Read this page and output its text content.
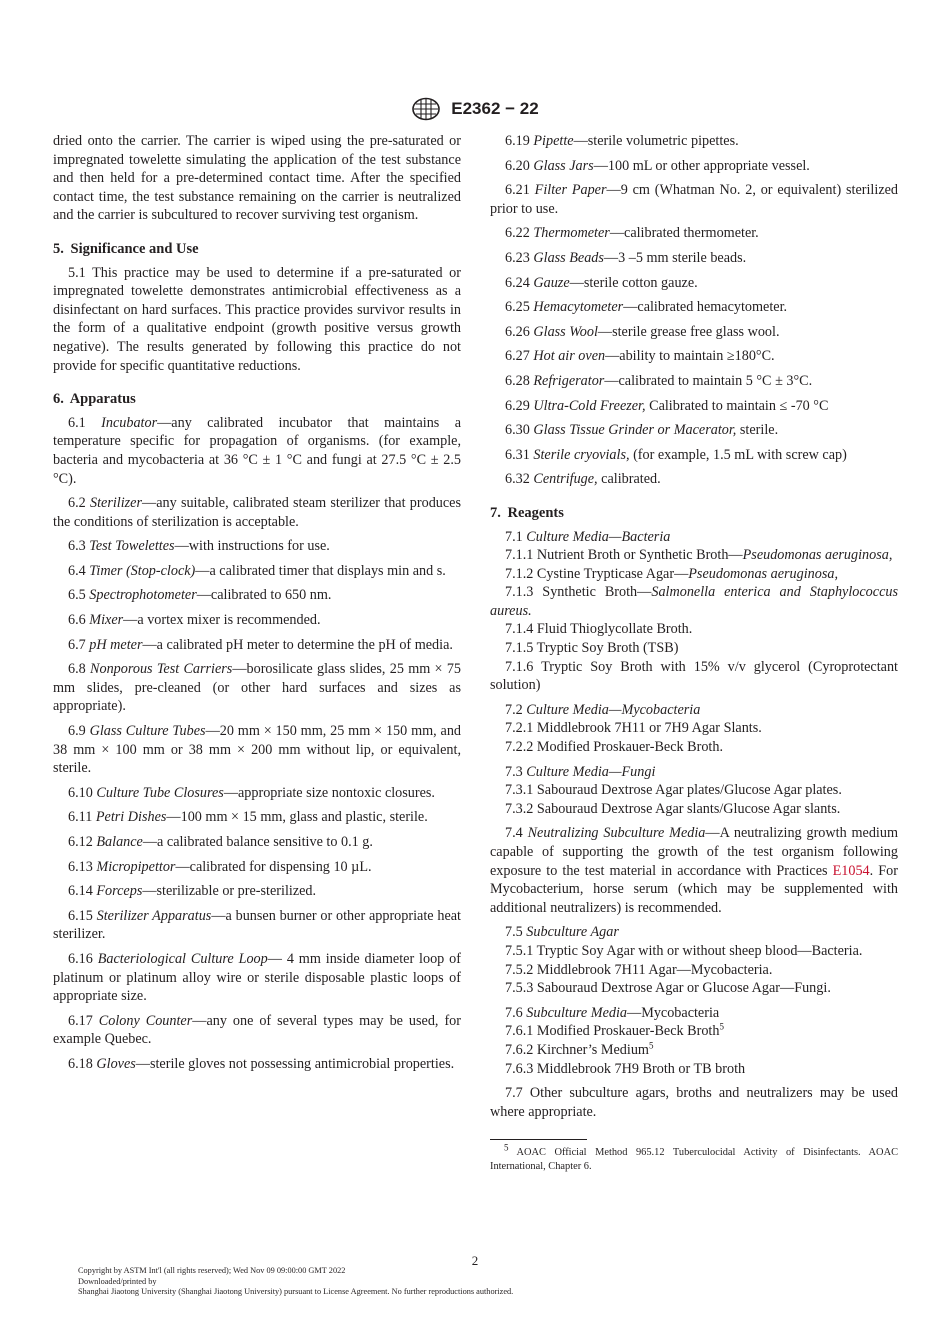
E2362 − 22

dried onto the carrier. The carrier is wiped using the pre-saturated or impregnated towelette simulating the application of the test substance and then held for a pre-determined contact time. After the specified contact time, the test substance remaining on the carrier is neutralized and the carrier is subcultured to recover surviving test organism.

5. Significance and Use

5.1 This practice may be used to determine if a pre-saturated or impregnated towelette demonstrates antimicrobial effectiveness as a disinfectant on hard surfaces. This practice provides survivor results in the form of a qualitative endpoint (growth positive versus growth negative). The results generated by following this practice do not provide for specific quantitative reductions.

6. Apparatus

6.1 Incubator—any calibrated incubator that maintains a temperature specific for propagation of organisms. (for example, bacteria and mycobacteria at 36 °C ± 1 °C and fungi at 27.5 °C ± 2.5 °C).

6.2 Sterilizer—any suitable, calibrated steam sterilizer that produces the conditions of sterilization is acceptable.

6.3 Test Towelettes—with instructions for use.

6.4 Timer (Stop-clock)—a calibrated timer that displays min and s.

6.5 Spectrophotometer—calibrated to 650 nm.

6.6 Mixer—a vortex mixer is recommended.

6.7 pH meter—a calibrated pH meter to determine the pH of media.

6.8 Nonporous Test Carriers—borosilicate glass slides, 25 mm × 75 mm slides, pre-cleaned (or other hard surfaces and sizes as appropriate).

6.9 Glass Culture Tubes—20 mm × 150 mm, 25 mm × 150 mm, and 38 mm × 100 mm or 38 mm × 200 mm without lip, or equivalent, sterile.

6.10 Culture Tube Closures—appropriate size nontoxic closures.

6.11 Petri Dishes—100 mm × 15 mm, glass and plastic, sterile.

6.12 Balance—a calibrated balance sensitive to 0.1 g.

6.13 Micropipettor—calibrated for dispensing 10 µL.

6.14 Forceps—sterilizable or pre-sterilized.

6.15 Sterilizer Apparatus—a bunsen burner or other appropriate heat sterilizer.

6.16 Bacteriological Culture Loop— 4 mm inside diameter loop of platinum or platinum alloy wire or sterile disposable plastic loops of appropriate size.

6.17 Colony Counter—any one of several types may be used, for example Quebec.

6.18 Gloves—sterile gloves not possessing antimicrobial properties.

6.19 Pipette—sterile volumetric pipettes.

6.20 Glass Jars—100 mL or other appropriate vessel.

6.21 Filter Paper—9 cm (Whatman No. 2, or equivalent) sterilized prior to use.

6.22 Thermometer—calibrated thermometer.

6.23 Glass Beads—3 –5 mm sterile beads.

6.24 Gauze—sterile cotton gauze.

6.25 Hemacytometer—calibrated hemacytometer.

6.26 Glass Wool—sterile grease free glass wool.

6.27 Hot air oven—ability to maintain ≥180°C.

6.28 Refrigerator—calibrated to maintain 5 °C ± 3°C.

6.29 Ultra-Cold Freezer, Calibrated to maintain ≤ -70 °C

6.30 Glass Tissue Grinder or Macerator, sterile.

6.31 Sterile cryovials, (for example, 1.5 mL with screw cap)

6.32 Centrifuge, calibrated.

7. Reagents

7.1 Culture Media—Bacteria

7.1.1 Nutrient Broth or Synthetic Broth—Pseudomonas aeruginosa,

7.1.2 Cystine Trypticase Agar—Pseudomonas aeruginosa,

7.1.3 Synthetic Broth—Salmonella enterica and Staphylococcus aureus.

7.1.4 Fluid Thioglycollate Broth.

7.1.5 Tryptic Soy Broth (TSB)

7.1.6 Tryptic Soy Broth with 15% v/v glycerol (Cyroprotectant solution)

7.2 Culture Media—Mycobacteria

7.2.1 Middlebrook 7H11 or 7H9 Agar Slants.

7.2.2 Modified Proskauer-Beck Broth.

7.3 Culture Media—Fungi

7.3.1 Sabouraud Dextrose Agar plates/Glucose Agar plates.

7.3.2 Sabouraud Dextrose Agar slants/Glucose Agar slants.

7.4 Neutralizing Subculture Media—A neutralizing growth medium capable of supporting the growth of the test organism following exposure to the test material in accordance with Practices E1054. For Mycobacterium, horse serum (which may be supplemented with additional neutralizers) is recommended.

7.5 Subculture Agar

7.5.1 Tryptic Soy Agar with or without sheep blood—Bacteria.

7.5.2 Middlebrook 7H11 Agar—Mycobacteria.

7.5.3 Sabouraud Dextrose Agar or Glucose Agar—Fungi.

7.6 Subculture Media—Mycobacteria

7.6.1 Modified Proskauer-Beck Broth$^5$

7.6.2 Kirchner’s Medium$^5$

7.6.3 Middlebrook 7H9 Broth or TB broth

7.7 Other subculture agars, broths and neutralizers may be used where appropriate.

$^5$ AOAC Official Method 965.12 Tuberculocidal Activity of Disinfectants. AOAC International, Chapter 6.
2
Copyright by ASTM Int'l (all rights reserved); Wed Nov 09 09:00:00 GMT 2022
Downloaded/printed by
Shanghai Jiaotong University (Shanghai Jiaotong University) pursuant to License Agreement. No further reproductions authorized.
